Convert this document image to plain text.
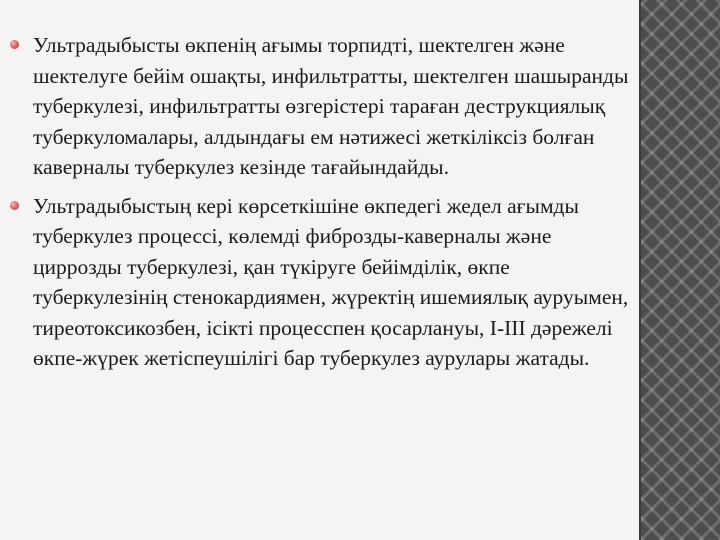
Ультрадыбысты өкпенің ағымы торпидті, шектелген және шектелуге бейім ошақты, инфильтратты, шектелген шашыранды туберкулезі, инфильтратты өзгерістері тараған деструкциялық туберкуломалары, алдындағы ем нәтижесі жеткіліксіз болған каверналы туберкулез кезінде тағайындайды.
Ультрадыбыстың кері көрсеткішіне өкпедегі жедел ағымды туберкулез процессі, көлемді фиброзды-каверналы және циррозды туберкулезі, қан түкіруге бейімділік, өкпе туберкулезінің стенокардиямен, жүректің ишемиялық ауруымен, тиреотоксикозбен, ісікті процесспен қосарлануы, I-III дәрежелі өкпе-жүрек жетіспеушілігі бар туберкулез аурулары жатады.
